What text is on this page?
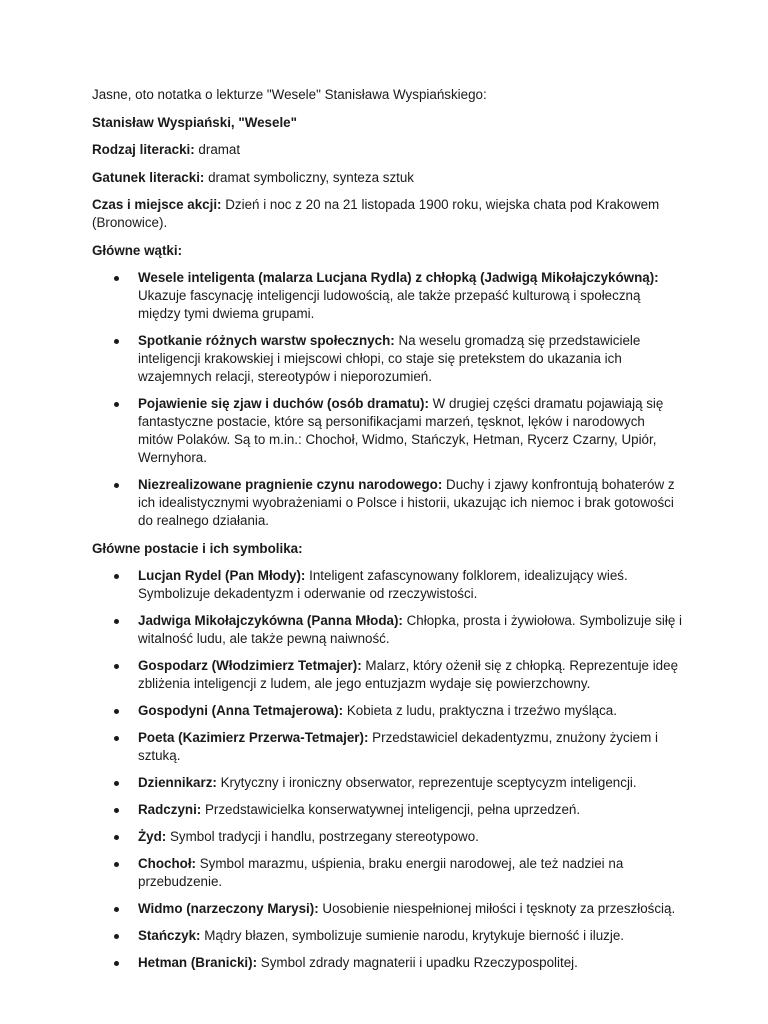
Jasne, oto notatka o lekturze "Wesele" Stanisława Wyspiańskiego:

Stanisław Wyspiański, "Wesele"

Rodzaj literacki: dramat

Gatunek literacki: dramat symboliczny, synteza sztuk

Czas i miejsce akcji: Dzień i noc z 20 na 21 listopada 1900 roku, wiejska chata pod Krakowem (Bronowice).

Główne wątki:

Wesele inteligenta (malarza Lucjana Rydla) z chłopką (Jadwigą Mikołajczykówną): Ukazuje fascynację inteligencji ludowością, ale także przepaść kulturową i społeczną między tymi dwiema grupami.
Spotkanie różnych warstw społecznych: Na weselu gromadzą się przedstawiciele inteligencji krakowskiej i miejscowi chłopi, co staje się pretekstem do ukazania ich wzajemnych relacji, stereotypów i nieporozumień.
Pojawienie się zjaw i duchów (osób dramatu): W drugiej części dramatu pojawiają się fantastyczne postacie, które są personifikacjami marzeń, tęsknot, lęków i narodowych mitów Polaków. Są to m.in.: Chochoł, Widmo, Stańczyk, Hetman, Rycerz Czarny, Upiór, Wernyhora.
Niezrealizowane pragnienie czynu narodowego: Duchy i zjawy konfrontują bohaterów z ich idealistycznymi wyobrażeniami o Polsce i historii, ukazując ich niemoc i brak gotowości do realnego działania.

Główne postacie i ich symbolika:

Lucjan Rydel (Pan Młody): Inteligent zafascynowany folklorem, idealizujący wieś. Symbolizuje dekadentyzm i oderwanie od rzeczywistości.
Jadwiga Mikołajczykówna (Panna Młoda): Chłopka, prosta i żywiołowa. Symbolizuje siłę i witalność ludu, ale także pewną naiwność.
Gospodarz (Włodzimierz Tetmajer): Malarz, który ożenił się z chłopką. Reprezentuje ideę zbliżenia inteligencji z ludem, ale jego entuzjazm wydaje się powierzchowny.
Gospodyni (Anna Tetmajerowa): Kobieta z ludu, praktyczna i trzeźwo myśląca.
Poeta (Kazimierz Przerwa-Tetmajer): Przedstawiciel dekadentyzmu, znużony życiem i sztuką.
Dziennikarz: Krytyczny i ironiczny obserwator, reprezentuje sceptycyzm inteligencji.
Radczyni: Przedstawicielka konserwatywnej inteligencji, pełna uprzedzeń.
Żyd: Symbol tradycji i handlu, postrzegany stereotypowo.
Chochoł: Symbol marazmu, uśpienia, braku energii narodowej, ale też nadziei na przebudzenie.
Widmo (narzeczony Marysi): Uosobienie niespełnionej miłości i tęsknoty za przeszłością.
Stańczyk: Mądry błazen, symbolizuje sumienie narodu, krytykuje bierność i iluzje.
Hetman (Branicki): Symbol zdrady magnaterii i upadku Rzeczypospolitej.
